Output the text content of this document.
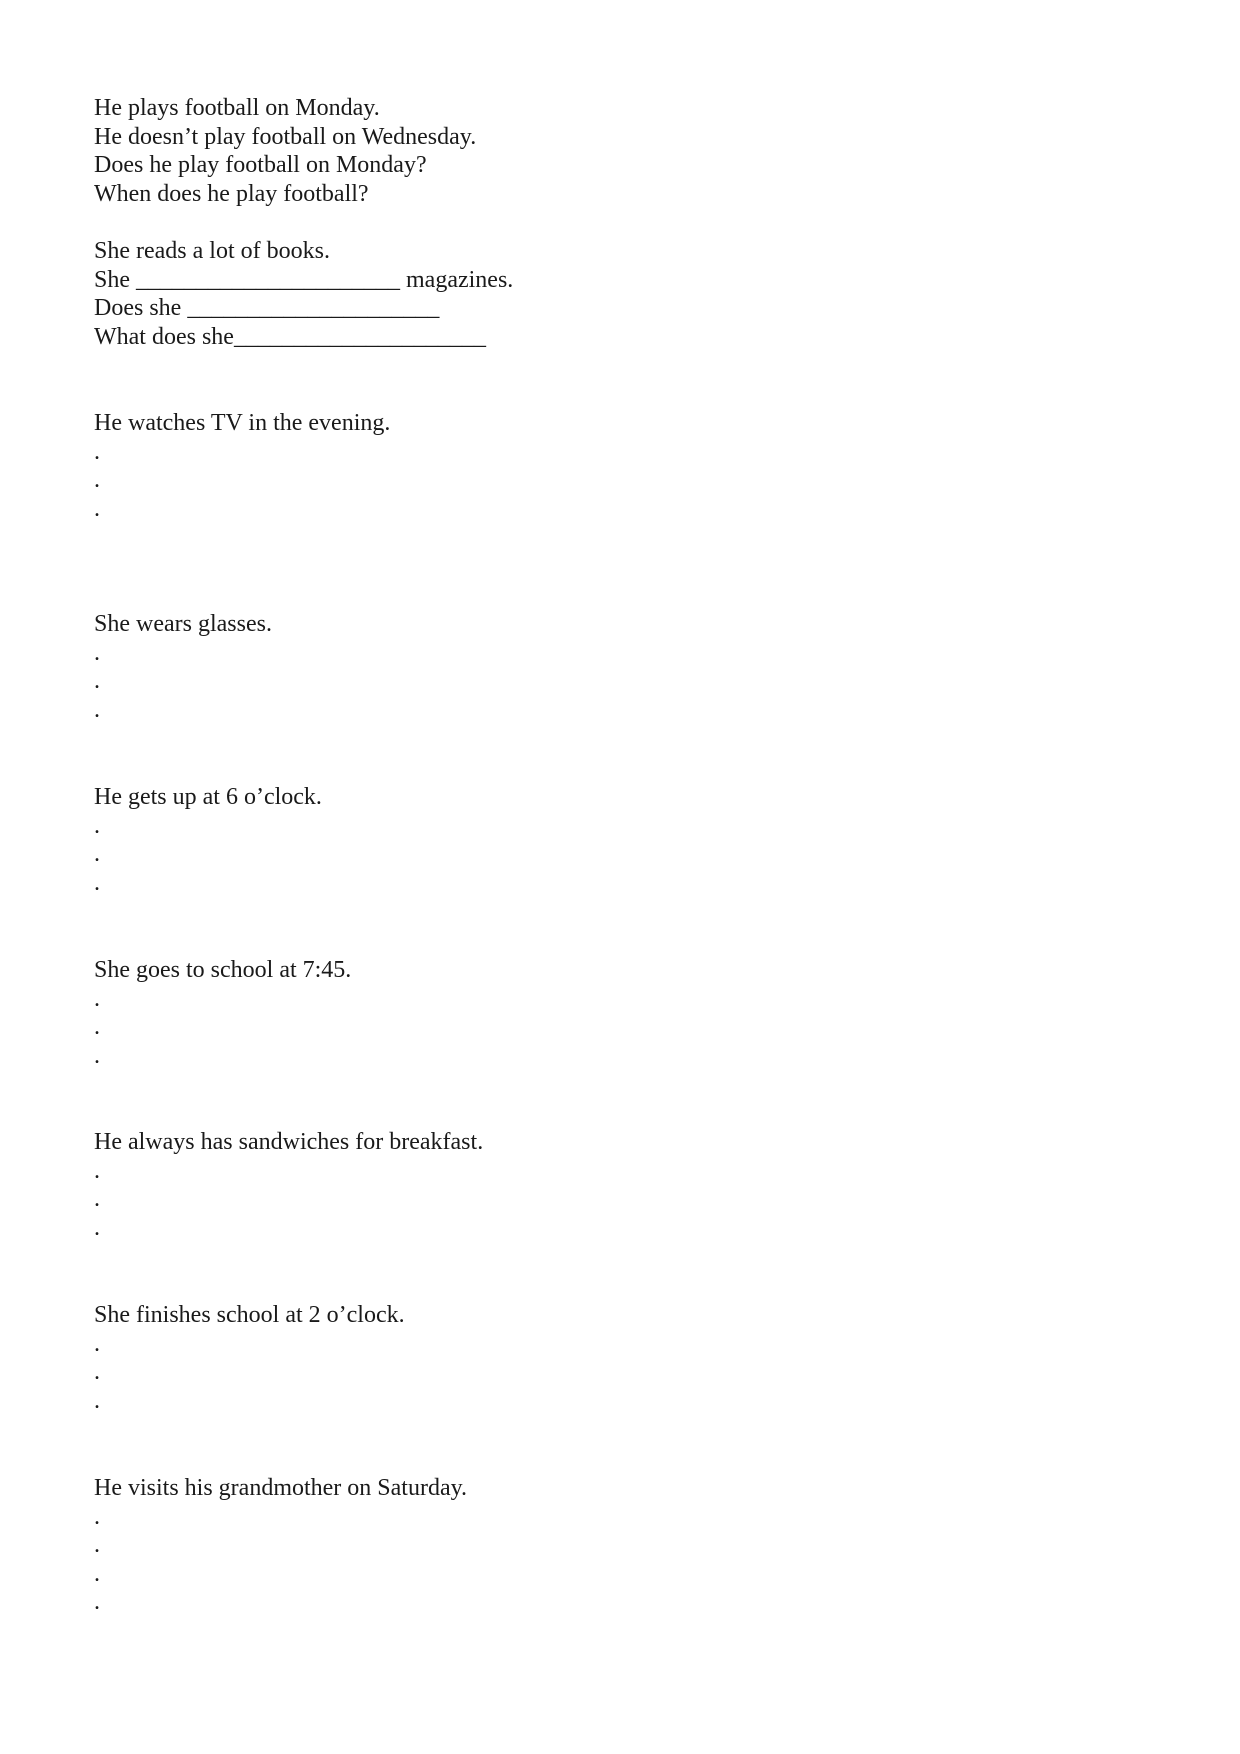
He plays football on Monday.

He doesn’t play football on Wednesday.

Does he play football on Monday?

When does he play football?

She reads a lot of books.

She ______________________ magazines.

Does she _____________________

What does she_____________________

He watches TV in the evening.

.

.

.

She wears glasses.

.

.

.

He gets up at 6 o’clock.

.

.

.

She goes to school at 7:45.

.

.

.

He always has sandwiches for breakfast.

.

.

.

She finishes school at 2 o’clock.

.

.

.

He visits his grandmother on Saturday.

.

.

.

.
